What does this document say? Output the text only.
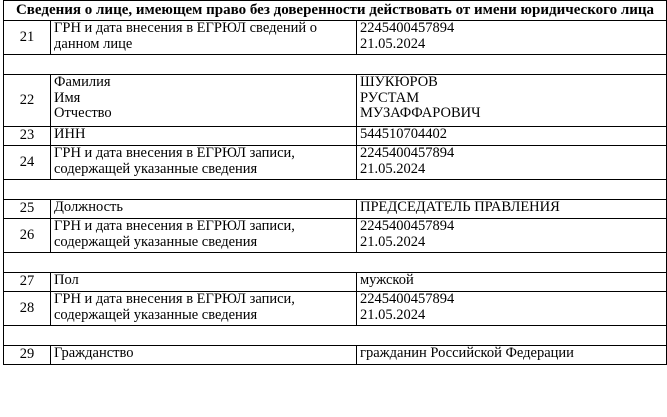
Сведения о лице, имеющем право без доверенности действовать от имени юридического лица		
21	ГРН и дата внесения в ЕГРЮЛ сведений о
данном лице	2245400457894
21.05.2024

22	Фамилия
Имя
Отчество	ШУКЮРОВ
РУСТАМ
МУЗАФФАРОВИЧ

23	ИНН	544510704402

24	ГРН и дата внесения в ЕГРЮЛ записи,
содержащей указанные сведения	2245400457894
21.05.2024

25	Должность	ПРЕДСЕДАТЕЛЬ ПРАВЛЕНИЯ

26	ГРН и дата внесения в ЕГРЮЛ записи,
содержащей указанные сведения	2245400457894
21.05.2024

27	Пол	мужской

28	ГРН и дата внесения в ЕГРЮЛ записи,
содержащей указанные сведения	2245400457894
21.05.2024

29	Гражданство	гражданин Российской Федерации
